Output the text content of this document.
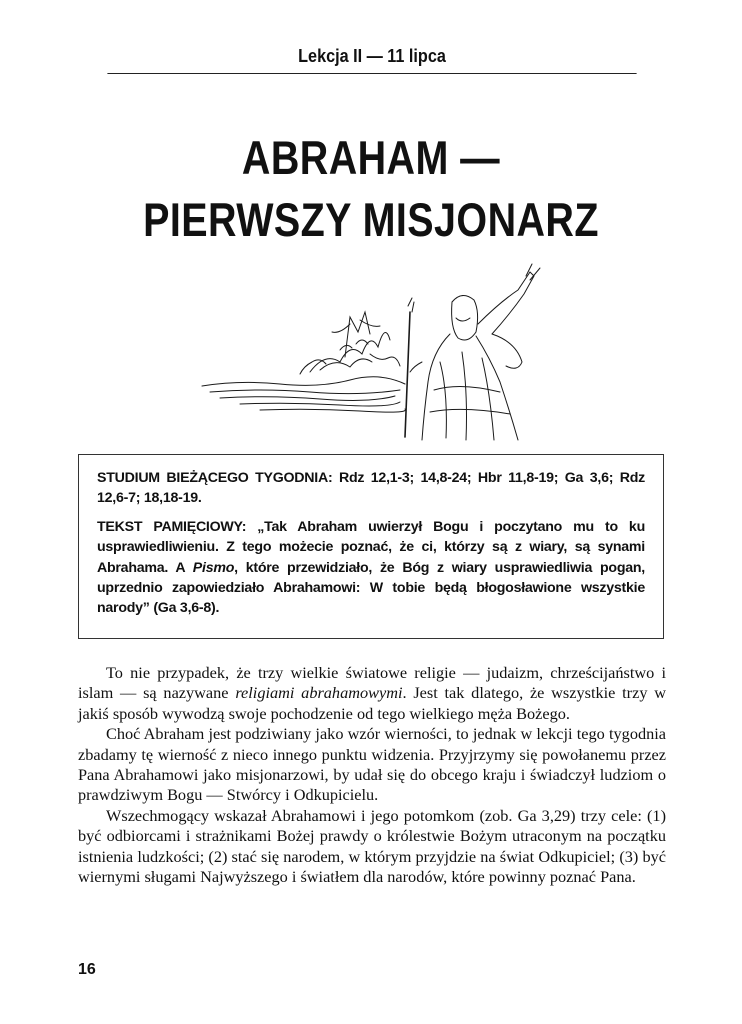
Lekcja II — 11 lipca
ABRAHAM —
PIERWSZY MISJONARZ

STUDIUM BIEŻĄCEGO TYGODNIA: Rdz 12,1-3; 14,8-24; Hbr 11,8-19; Ga 3,6; Rdz 12,6-7; 18,18-19.

TEKST PAMIĘCIOWY: „Tak Abraham uwierzył Bogu i poczytano mu to ku usprawiedliwieniu. Z tego możecie poznać, że ci, którzy są z wiary, są synami Abrahama. A Pismo, które przewidziało, że Bóg z wiary usprawiedliwia pogan, uprzednio zapowiedziało Abrahamowi: W tobie będą błogosławione wszystkie narody” (Ga 3,6-8).

To nie przypadek, że trzy wielkie światowe religie — judaizm, chrześcijaństwo i islam — są nazywane religiami abrahamowymi. Jest tak dlatego, że wszystkie trzy w jakiś sposób wywodzą swoje pochodzenie od tego wielkiego męża Bożego.

Choć Abraham jest podziwiany jako wzór wierności, to jednak w lekcji tego tygodnia zbadamy tę wierność z nieco innego punktu widzenia. Przyjrzymy się powołanemu przez Pana Abrahamowi jako misjonarzowi, by udał się do obcego kraju i świadczył ludziom o prawdziwym Bogu — Stwórcy i Odkupicielu.

Wszechmogący wskazał Abrahamowi i jego potomkom (zob. Ga 3,29) trzy cele: (1) być odbiorcami i strażnikami Bożej prawdy o królestwie Bożym utraconym na początku istnienia ludzkości; (2) stać się narodem, w którym przyjdzie na świat Odkupiciel; (3) być wiernymi sługami Najwyższego i światłem dla narodów, które powinny poznać Pana.

16
